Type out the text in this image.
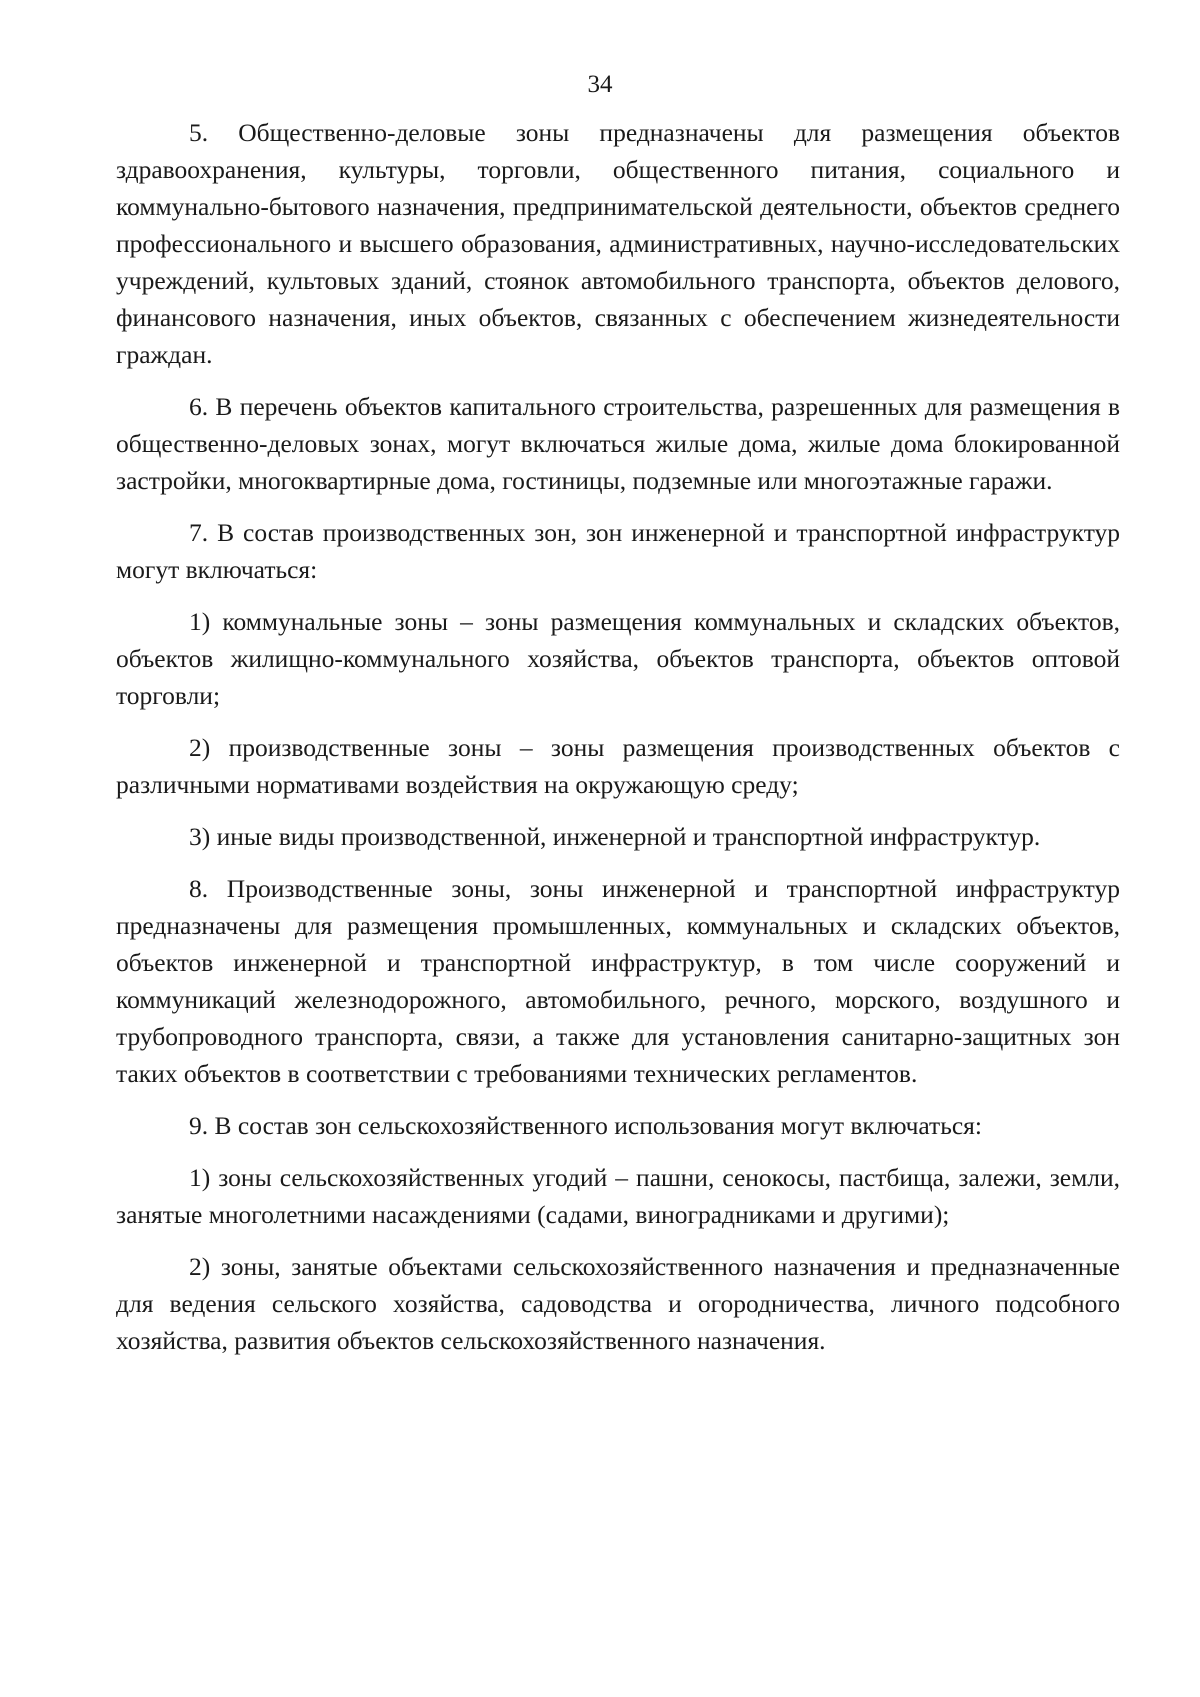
34

5. Общественно-деловые зоны предназначены для размещения объектов здравоохранения, культуры, торговли, общественного питания, социального и коммунально-бытового назначения, предпринимательской деятельности, объектов среднего профессионального и высшего образования, административных, научно-исследовательских учреждений, культовых зданий, стоянок автомобильного транспорта, объектов делового, финансового назначения, иных объектов, связанных с обеспечением жизнедеятельности граждан.

6. В перечень объектов капитального строительства, разрешенных для размещения в общественно-деловых зонах, могут включаться жилые дома, жилые дома блокированной застройки, многоквартирные дома, гостиницы, подземные или многоэтажные гаражи.

7. В состав производственных зон, зон инженерной и транспортной инфраструктур могут включаться:

1) коммунальные зоны – зоны размещения коммунальных и складских объектов, объектов жилищно-коммунального хозяйства, объектов транспорта, объектов оптовой торговли;

2) производственные зоны – зоны размещения производственных объектов с различными нормативами воздействия на окружающую среду;

3) иные виды производственной, инженерной и транспортной инфраструктур.

8. Производственные зоны, зоны инженерной и транспортной инфраструктур предназначены для размещения промышленных, коммунальных и складских объектов, объектов инженерной и транспортной инфраструктур, в том числе сооружений и коммуникаций железнодорожного, автомобильного, речного, морского, воздушного и трубопроводного транспорта, связи, а также для установления санитарно-защитных зон таких объектов в соответствии с требованиями технических регламентов.

9. В состав зон сельскохозяйственного использования могут включаться:

1) зоны сельскохозяйственных угодий – пашни, сенокосы, пастбища, залежи, земли, занятые многолетними насаждениями (садами, виноградниками и другими);

2) зоны, занятые объектами сельскохозяйственного назначения и предназначенные для ведения сельского хозяйства, садоводства и огородничества, личного подсобного хозяйства, развития объектов сельскохозяйственного назначения.
